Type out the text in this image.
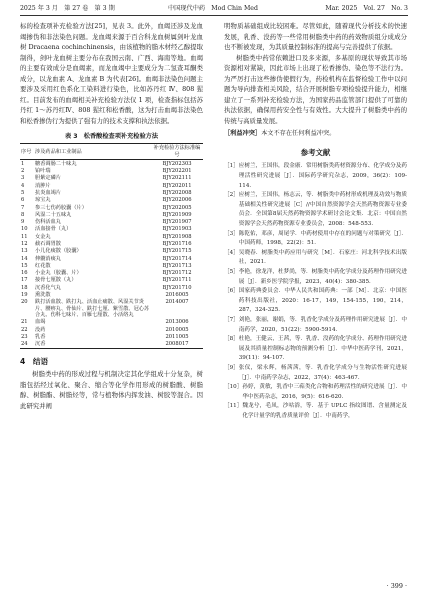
2025 年 3 月　第 27 卷　第 3 期	中国现代中药　Mod Chin Med	Mar. 2025　Vol. 27　No. 3

标的检查项补充检验方法[25]，见表 3。此外，血竭还涉及龙血竭掺伪和非法染色问题。龙血竭来源于百合科龙血树属剑叶龙血树 Dracaena cochinchinensis，由该植物的脂木材经乙醇提取制得，剑叶龙血树主要分布在我国云南、广西、海南等地。血竭的主要有效成分是血竭素，而龙血竭中主要成分为二氢查耳酮类成分，以龙血素 A、龙血素 B 为代表[26]。血竭非法染色问题主要涉及采用红色系化工染料进行染色，比如苏丹红 Ⅳ、808 猩红。目前发布的血竭相关补充检验方法仅 1 项，检查指标包括苏丹红 1～苏丹红Ⅳ、808 猩红和松香酸，这为打击血竭非法染色和松香掺伪行为提供了强有力的技术支撑和执法依据。

表 3　松香酸检查项补充检验方法
序号	涉及药品和工业制品	补充检验方法标准编号
1	糖香调肠二十味丸	BJY202303
2	铂叶瑞	BJY202201
3	胆紫定磷片	BJY202111
4	消肿片	BJY202011
5	抗炎血竭片	BJY202008
6	琼宝丸	BJY202006
7	参三七伤药胶囊（片）	BJY202005
8	风湿二十五味丸	BJY201909
9	伤科活血丸	BJY201907
10	活血接骨（丸）	BJY201903
11	女金丸	BJY201908
12	截石调胃散	BJY201716
13	小儿化痰散（胶囊）	BJY201715
14	伸髓消痰丸	BJY201714
15	红花散	BJY201713
16	小金丸（胶囊、片）	BJY201712
17	接骨七厘散（丸）	BJY201711
18	沉香化气丸	BJY201710
19	熏洗散	2016005
20	跌打活血散、跌打丸、活血止痛散、风湿关节炎片、腰痹丸、骨仙片、跌打七厘、紫雪散、冠心苏合丸、伤科七味片、百雁七厘散、小活络丸	2014007
21	血竭	2013006
22	没药	2010005
23	乳香	2011005
24	沉香	2008017
4　结语

树脂类中药的形成过程与机制决定其化学组成十分复杂，树脂包括经过氧化、聚合、缩合等化学作用形成的树脂酸、树脂醇、树脂酯、树脂烃等，常与植物体内挥发油、树胶等混合。因此研究并阐

明物质基础组成比较困难。尽管如此，随着现代分析技术的快速发展，乳香、没药等一些常用树脂类中药的药效物质组分成成分也不断被发现，为其质量控制标准的提高与完善提供了依据。

树脂类中药常依赖进口及多来源，多基原的现状导致其市场资源相对紧缺，因此市场上出现了松香掺伪、染色等不法行为。为严厉打击这些掺伪使假行为，药检机构在监督检验工作中以问题为导向排查相关风险，结合开展树脂专项检验提升能力，相继建立了一系列补充检验方法，为国家药品监管部门提供了可靠的执法依据，确保用药安全性与有效性。大大提升了树脂类中药的传统与高质量发展。

［利益冲突］本文不存在任何利益冲突。
参考文献
［1］ 应树兰，王国伟，段金廒．常用树脂类药材资源分布、化学成分及药理活性研究进展［J］．国际药学研究杂志，2009，36(2)：109-114．
［2］ 应树兰，王国伟，杨志云，等．树脂类中药材形成机理及功效与物质基础相关性研究进展［C］//中国自然资源学会天然药物资源专业委员会．全国第8届天然药物资源学术研讨会论文集．北京：中国自然资源学会天然药物资源专业委员会，2008：548-553．
［3］ 陈乾佑，邓彦，周尾学．中药材使用中存在的问题与对策研究［J］．中国药师，1998，22(2)：51．
［4］ 吴晓春．树脂类中药应用与研究［M］．石家庄：河北科学技术出版社，2021．
［5］ 李艳，徐龙洋，杜梦尚，等．树脂类中药化学成分及药理作用研究进展［J］．新乡医学院学报，2023，40(4)：380-385．
［6］ 国家药典委员会．中华人民共和国药典：一部［M］．北京：中国医药科技出版社，2020：16-17，149，154-155，190，214，287，324-325．
［7］ 刘艳，张丽，谢娟，等．乳香化学成分及药理作用研究进展［J］．中南药学，2020，51(22)：5900-5914．
［8］ 杜艳，王健云，王茜，等．乳香、没药的化学成分、药理作用研究进展及其质量控制标志物的预测分析［J］．中华中医药学刊，2021，39(11)：94-107．
［9］ 张仪，梁永辉，杨茜茜，等．乳香化学成分与生物活性研究进展［J］．中南药学杂志，2022，37(4)：463-467．
［10］ 孙婷，黄敏，乳香中三萜类化合物和药理活性的研究进展［J］．中华中医药杂志，2016，9(5)：616-620．
［11］ 魏龙兮，毛凤，沙咕浴，等．基于 UPLC 指纹图谱、含量测定及化学计量学的乳香质量评价［J］．中南药学，
· 399 ·
